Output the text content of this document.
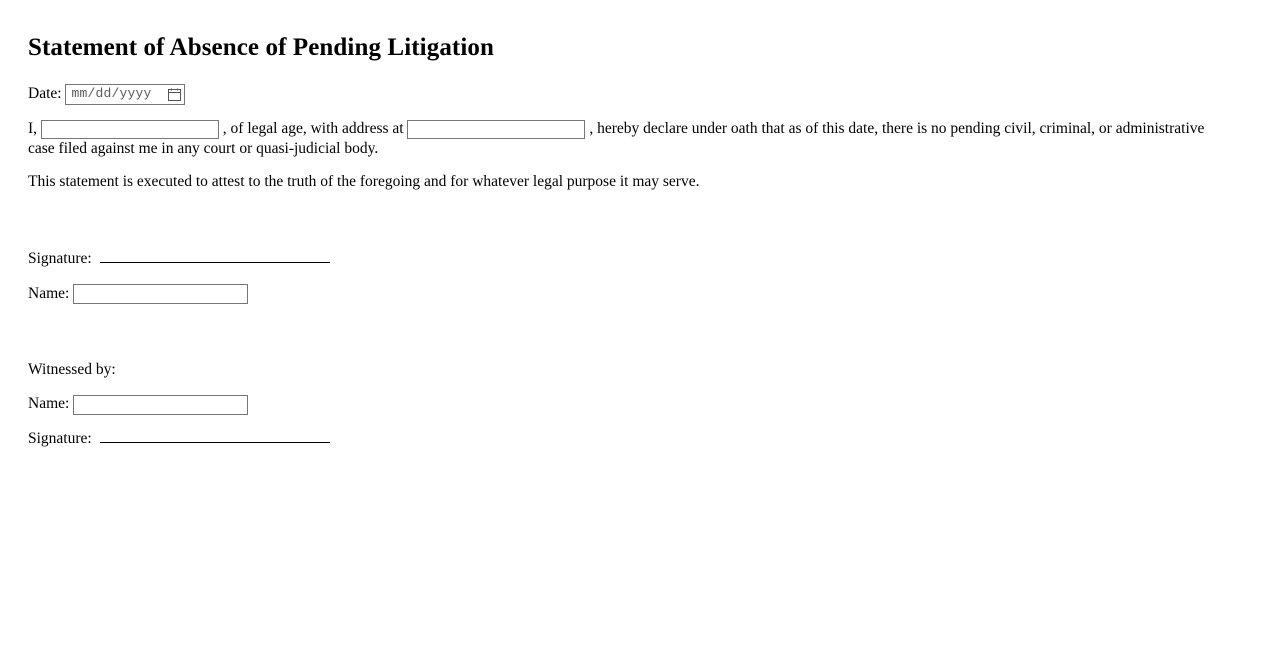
Statement of Absence of Pending Litigation
Date: mm/dd/yyyy

I,	, of legal age, with address at	, hereby declare under oath that as of this date, there is no pending civil, criminal, or administrative case filed against me in any court or quasi-judicial body.

This statement is executed to attest to the truth of the foregoing and for whatever legal purpose it may serve.

Signature:
Name:
Witnessed by:
Name:
Signature:
